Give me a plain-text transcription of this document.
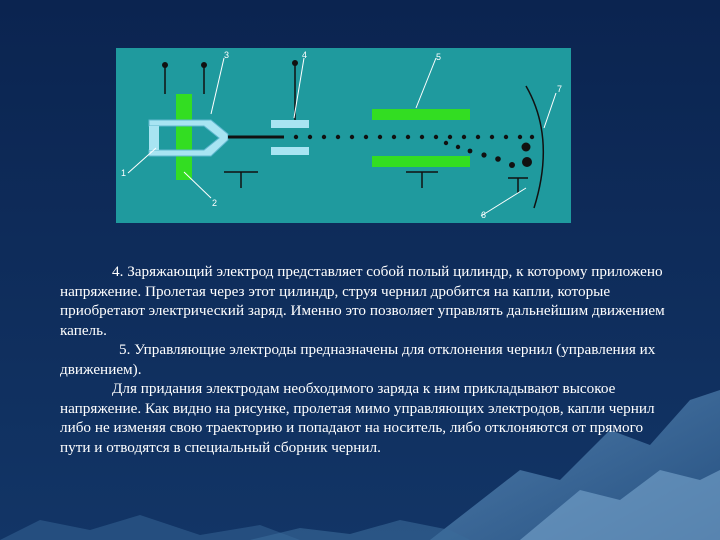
1
2
3	4	5
6
7

4. Заряжающий электрод представляет собой полый цилиндр, к которому приложено напряжение. Пролетая через этот цилиндр, струя чернил дробится на капли, которые приобретают электрический заряд. Именно это позволяет управлять дальнейшим движением капель.

5. Управляющие электроды предназначены для отклонения чернил (управления их движением).

Для придания электродам необходимого заряда к ним прикладывают высокое напряжение. Как видно на рисунке, пролетая мимо управляющих электродов, капли чернил либо не изменяя свою траекторию и попадают на носитель, либо отклоняются от прямого пути и отводятся в специальный сборник чернил.
